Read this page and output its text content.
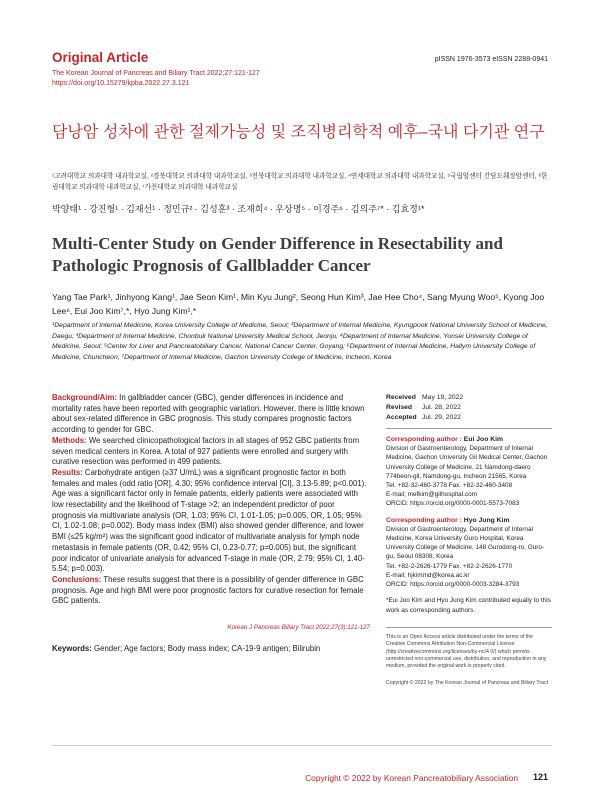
Original Article
The Korean Journal of Pancreas and Biliary Tract 2022;27:121-127
https://doi.org/10.15279/kpba.2022.27.3.121
pISSN 1976-3573 eISSN 2288-0941
담낭암 성차에 관한 절제가능성 및 조직병리학적 예후–국내 다기관 연구
¹고려대학교 의과대학 내과학교실, ²경북대학교 의과대학 내과학교실, ³전북대학교 의과대학 내과학교실, ⁴연세대학교 의과대학 내과학교실, ⁵국립암센터 간담도췌장암센터, ⁶한림대학교 의과대학 내과학교실, ⁷가천대학교 의과대학 내과학교실
박양태¹ · 강진형¹ · 김재선¹ · 정민규² · 김성훈³ · 조재희⁴ · 우상명⁵ · 이경주⁶ · 김의주⁷* · 김효정¹*
Multi-Center Study on Gender Difference in Resectability and Pathologic Prognosis of Gallbladder Cancer
Yang Tae Park¹, Jinhyong Kang¹, Jae Seon Kim¹, Min Kyu Jung², Seong Hun Kim³, Jae Hee Cho⁴, Sang Myung Woo⁵, Kyong Joo Lee⁶, Eui Joo Kim⁷,*, Hyo Jung Kim¹,*
¹Department of Internal Medicine, Korea University College of Medicine, Seoul; ²Department of Internal Medicine, Kyungpook National University School of Medicine, Daegu; ³Department of Internal Medicine, Chonbuk National University Medical School, Jeonju; ⁴Department of Internal Medicine, Yonsei University College of Medicine, Seoul; ⁵Center for Liver and Pancreatobiliary Cancer, National Cancer Center, Goyang; ⁶Department of Internal Medicine, Hallym University College of Medicine, Chuncheon; ⁷Department of Internal Medicine, Gachon University College of Medicine, Incheon, Korea

Background/Aim: In gallbladder cancer (GBC), gender differences in incidence and mortality rates have been reported with geographic variation. However, there is little known about sex-related difference in GBC prognosis. This study compares prognostic factors according to gender for GBC.

Methods: We searched clinicopathological factors in all stages of 952 GBC patients from seven medical centers in Korea. A total of 927 patients were enrolled and surgery with curative resection was performed in 499 patients.

Results: Carbohydrate antigen (≥37 U/mL) was a significant prognostic factor in both females and males (odd ratio [OR], 4.30; 95% confidence interval [CI], 3.13-5.89; p<0.001). Age was a significant factor only in female patients, elderly patients were associated with low resectability and the likelihood of T-stage >2; an independent predictor of poor prognosis via multivariate analysis (OR, 1.03; 95% CI, 1.01-1.05; p=0.005, OR, 1.05; 95% CI, 1.02-1.08; p=0.002). Body mass index (BMI) also showed gender difference, and lower BMI (≤25 kg/m²) was the significant good indicator of multivariate analysis for lymph node metastasis in female patients (OR, 0.42; 95% CI, 0.23-0.77; p=0.005) but, the significant poor indicator of univariate analysis for advanced T-stage in male (OR, 2.79; 95% CI, 1.40-5.54; p=0.003).

Conclusions: These results suggest that there is a possibility of gender difference in GBC prognosis. Age and high BMI were poor prognostic factors for curative resection for female GBC patients.

Korean J Pancreas Biliary Tract 2022;27(3):121-127
Keywords: Gender; Age factors; Body mass index; CA-19-9 antigen; Bilirubin
Received May 19, 2022
Revised	Jul. 28, 2022
Accepted Jul. 29, 2022
Corresponding author : Eui Joo Kim
Division of Gastroenterology, Department of Internal Medicine, Gachon University Gil Medical Center, Gachon University College of Medicine, 21 Namdong-daero 774beon-gil, Namdong-gu, Incheon 21565, Korea
Tel. +82-32-460-3778 Fax. +82-32-460-3408
E-mail; mefkim@gilhospital.com
ORCID: https://orcid.org/0000-0001-5573-7083
Corresponding author : Hyo Jung Kim
Division of Gastroenterology, Department of Internal Medicine, Korea University Guro Hospital, Korea University College of Medicine, 148 Gurodong-ro, Guro-gu, Seoul 08308, Korea
Tel. +82-2-2626-1779 Fax. +82-2-2626-1770
E-mail; hjkimmd@korea.ac.kr
ORCID: https://orcid.org/0000-0003-3284-3793
*Eui Joo Kim and Hyo Jung Kim contributed equally to this work as corresponding authors.
This is an Open Access article distributed under the terms of the Creative Commons Attribution Non-Commercial License (http://creativecommons.org/licenses/by-nc/4.0/) which permits unrestricted non-commercial use, distribution, and reproduction in any medium, provided the original work is properly cited.
Copyright © 2022 by The Korean Journal of Pancreas and Biliary Tract
Copyright © 2022 by Korean Pancreatobiliary Association 121
